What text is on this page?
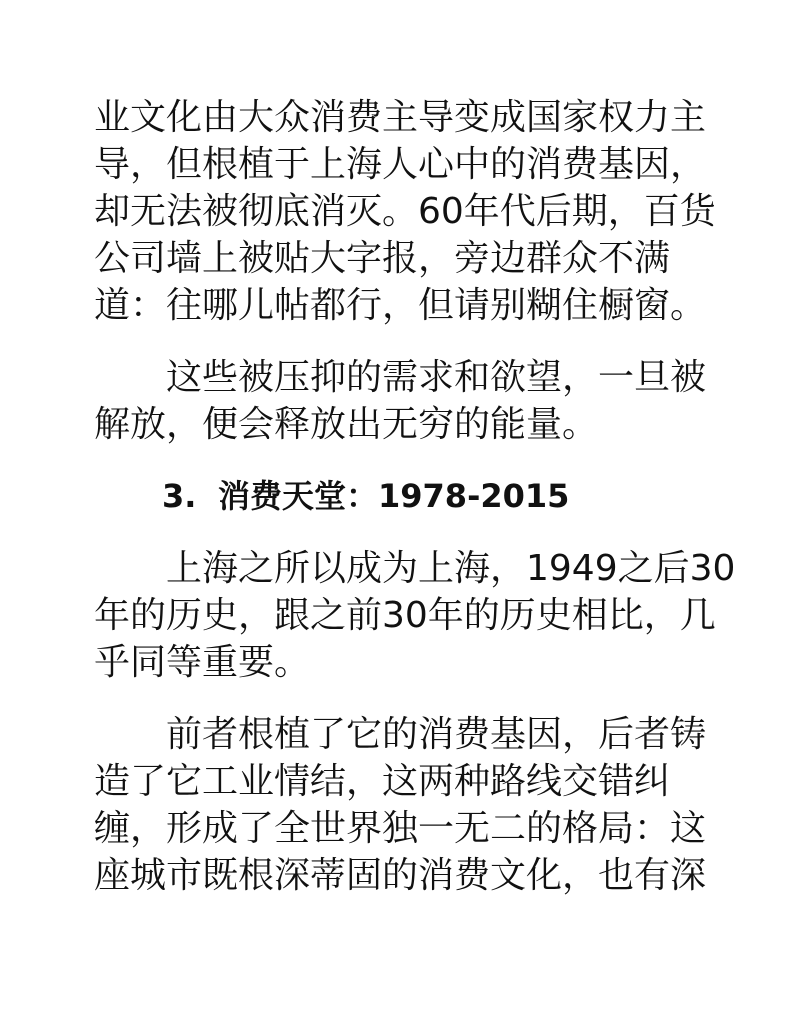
业文化由大众消费主导变成国家权力主
导，但根植于上海人心中的消费基因，
却无法被彻底消灭。60年代后期，百货
公司墙上被贴大字报，旁边群众不满
道：往哪儿帖都行，但请别糊住橱窗。

这些被压抑的需求和欲望，一旦被
解放，便会释放出无穷的能量。

3. 消费天堂：1978-2015

上海之所以成为上海，1949之后30
年的历史，跟之前30年的历史相比，几
乎同等重要。

前者根植了它的消费基因，后者铸
造了它工业情结，这两种路线交错纠
缠，形成了全世界独一无二的格局：这
座城市既根深蒂固的消费文化，也有深
